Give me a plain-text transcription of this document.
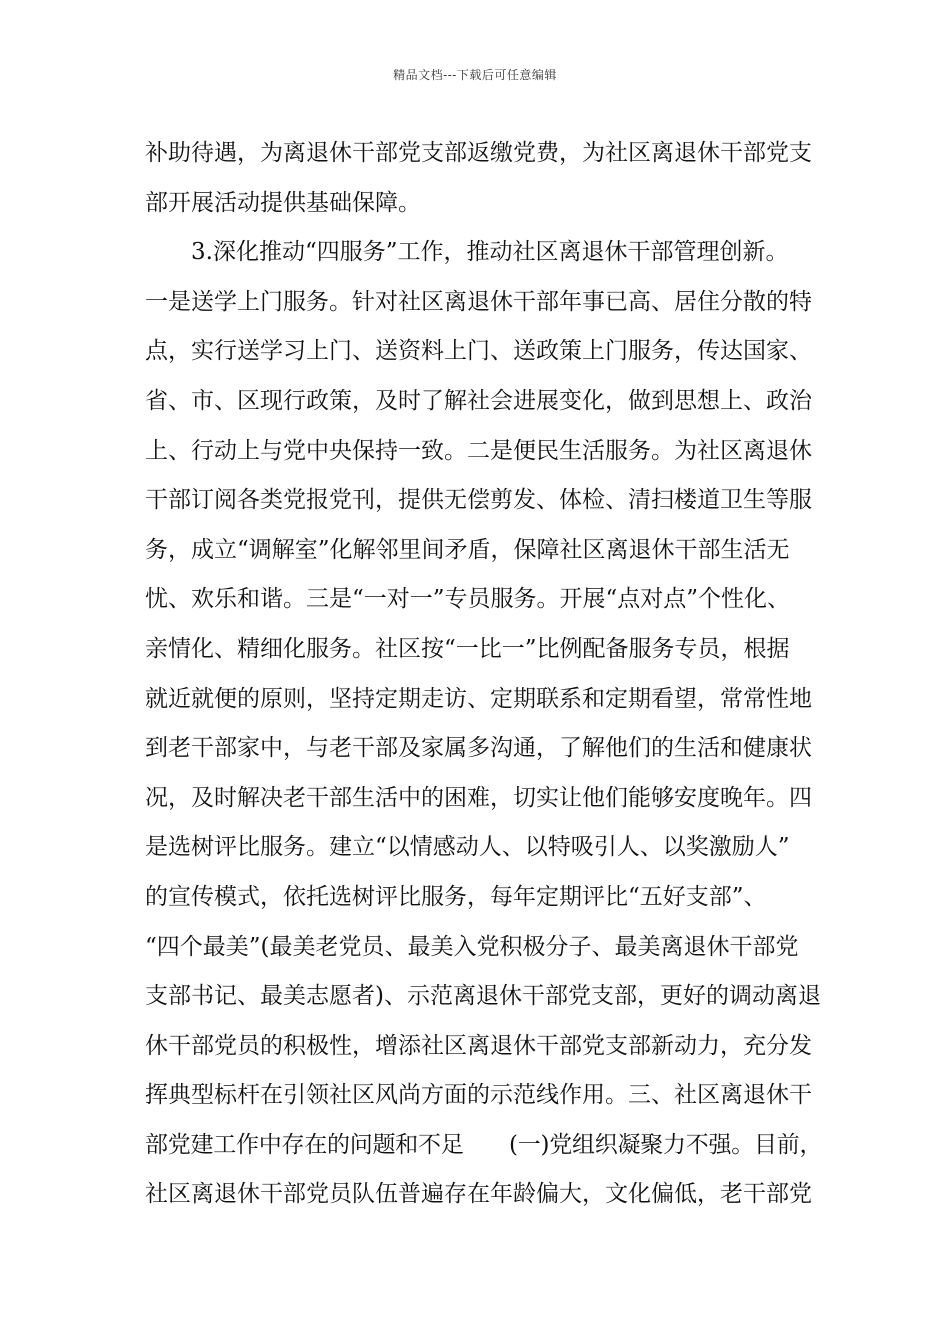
精品文档---下载后可任意编辑
补助待遇，为离退休干部党支部返缴党费，为社区离退休干部党支
部开展活动提供基础保障。
3.深化推动“四服务”工作，推动社区离退休干部管理创新。
一是送学上门服务。针对社区离退休干部年事已高、居住分散的特
点，实行送学习上门、送资料上门、送政策上门服务，传达国家、
省、市、区现行政策，及时了解社会进展变化，做到思想上、政治
上、行动上与党中央保持一致。二是便民生活服务。为社区离退休
干部订阅各类党报党刊，提供无偿剪发、体检、清扫楼道卫生等服
务，成立“调解室”化解邻里间矛盾，保障社区离退休干部生活无
忧、欢乐和谐。三是“一对一”专员服务。开展“点对点”个性化、
亲情化、精细化服务。社区按“一比一”比例配备服务专员，根据
就近就便的原则，坚持定期走访、定期联系和定期看望，常常性地
到老干部家中，与老干部及家属多沟通，了解他们的生活和健康状
况，及时解决老干部生活中的困难，切实让他们能够安度晚年。四
是选树评比服务。建立“以情感动人、以特吸引人、以奖激励人”
的宣传模式，依托选树评比服务，每年定期评比“五好支部”、
“四个最美”(最美老党员、最美入党积极分子、最美离退休干部党
支部书记、最美志愿者)、示范离退休干部党支部，更好的调动离退
休干部党员的积极性，增添社区离退休干部党支部新动力，充分发
挥典型标杆在引领社区风尚方面的示范线作用。三、社区离退休干
部党建工作中存在的问题和不足　　(一)党组织凝聚力不强。目前，
社区离退休干部党员队伍普遍存在年龄偏大，文化偏低，老干部党
